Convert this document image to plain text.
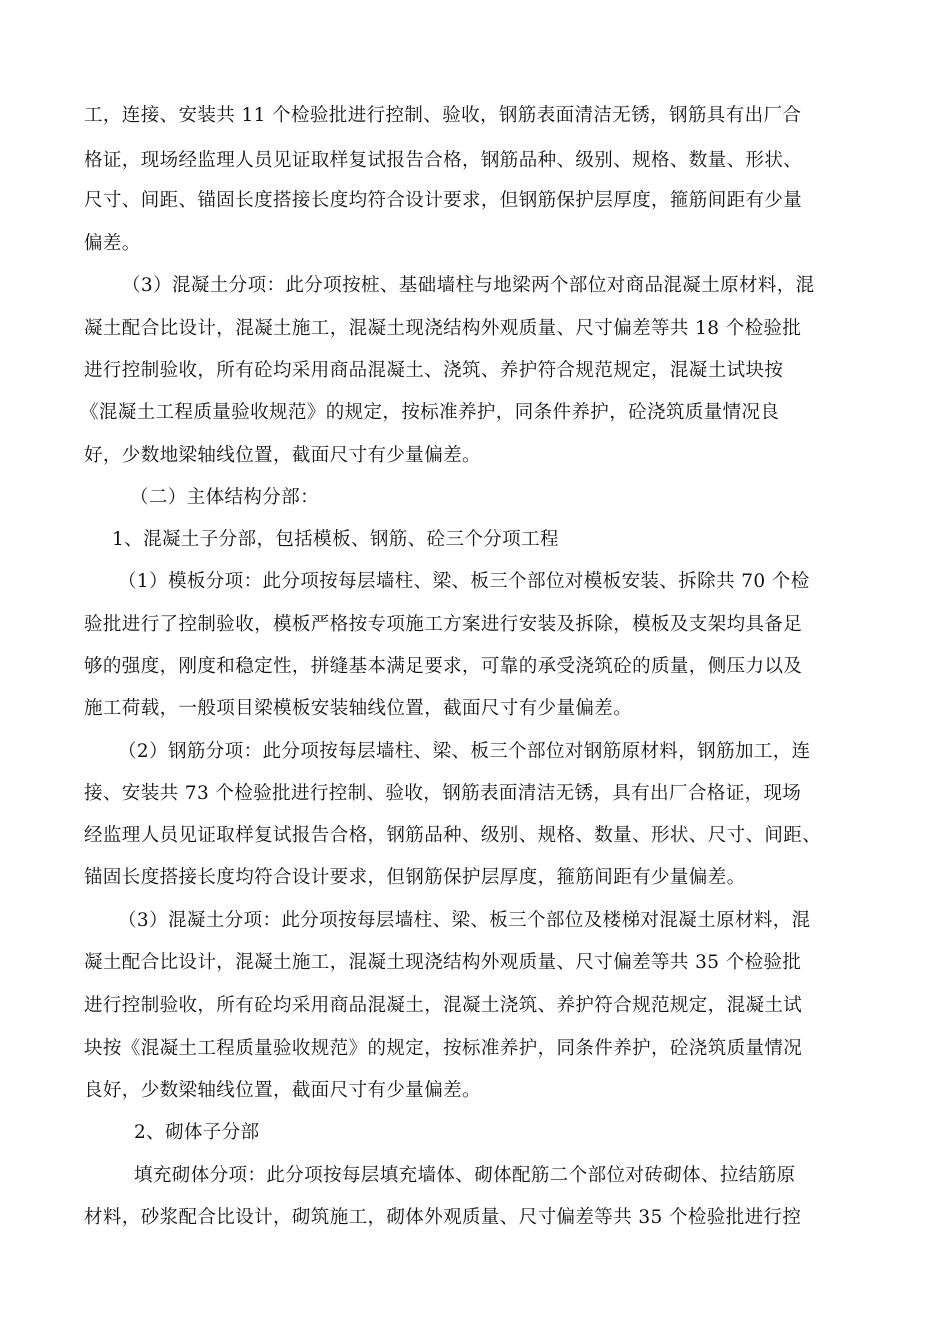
工，连接、安装共 11 个检验批进行控制、验收，钢筋表面清洁无锈，钢筋具有出厂合
格证，现场经监理人员见证取样复试报告合格，钢筋品种、级别、规格、数量、形状、
尺寸、间距、锚固长度搭接长度均符合设计要求，但钢筋保护层厚度，箍筋间距有少量
偏差。
（3）混凝土分项：此分项按桩、基础墙柱与地梁两个部位对商品混凝土原材料，混
凝土配合比设计，混凝土施工，混凝土现浇结构外观质量、尺寸偏差等共 18 个检验批
进行控制验收，所有砼均采用商品混凝土、浇筑、养护符合规范规定，混凝土试块按
《混凝土工程质量验收规范》的规定，按标准养护，同条件养护，砼浇筑质量情况良
好，少数地梁轴线位置，截面尺寸有少量偏差。
（二）主体结构分部：
1、混凝土子分部，包括模板、钢筋、砼三个分项工程
（1）模板分项：此分项按每层墙柱、梁、板三个部位对模板安装、拆除共 70 个检
验批进行了控制验收，模板严格按专项施工方案进行安装及拆除，模板及支架均具备足
够的强度，刚度和稳定性，拼缝基本满足要求，可靠的承受浇筑砼的质量，侧压力以及
施工荷载，一般项目梁模板安装轴线位置，截面尺寸有少量偏差。
（2）钢筋分项：此分项按每层墙柱、梁、板三个部位对钢筋原材料，钢筋加工，连
接、安装共 73 个检验批进行控制、验收，钢筋表面清洁无锈，具有出厂合格证，现场
经监理人员见证取样复试报告合格，钢筋品种、级别、规格、数量、形状、尺寸、间距、
锚固长度搭接长度均符合设计要求，但钢筋保护层厚度，箍筋间距有少量偏差。
（3）混凝土分项：此分项按每层墙柱、梁、板三个部位及楼梯对混凝土原材料，混
凝土配合比设计，混凝土施工，混凝土现浇结构外观质量、尺寸偏差等共 35 个检验批
进行控制验收，所有砼均采用商品混凝土，混凝土浇筑、养护符合规范规定，混凝土试
块按《混凝土工程质量验收规范》的规定，按标准养护，同条件养护，砼浇筑质量情况
良好，少数梁轴线位置，截面尺寸有少量偏差。
2、砌体子分部
填充砌体分项：此分项按每层填充墙体、砌体配筋二个部位对砖砌体、拉结筋原
材料，砂浆配合比设计，砌筑施工，砌体外观质量、尺寸偏差等共 35 个检验批进行控
